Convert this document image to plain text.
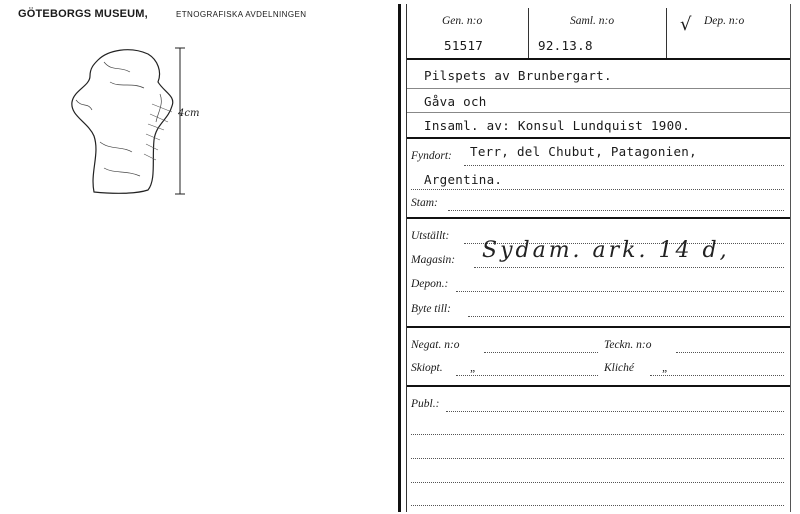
GÖTEBORGS MUSEUM,	ETNOGRAFISKA AVDELNINGEN
4cm
Gen. n:o
51517
Saml. n:o
92.13.8
√ Dep. n:o
Pilspets av Brunbergart.
Gåva och
Insaml. av: Konsul Lundquist 1900.
Fyndort: Terr, del Chubut, Patagonien,
Argentina.
Stam:
Utställt:
Magasin: Sydam. ark. 14 d,
Depon.:
Byte till:
Negat. n:o	Teckn. n:o
Skiopt. „	Kliché „
Publ.:
